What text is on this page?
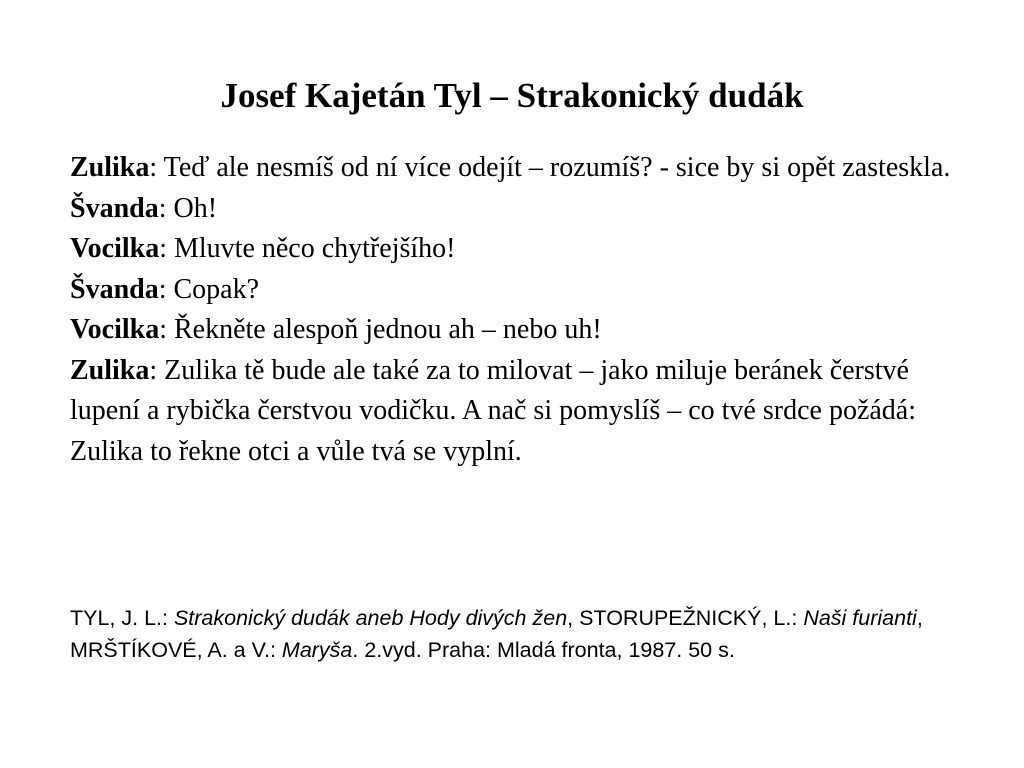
Josef Kajetán Tyl – Strakonický dudák

Zulika: Teď ale nesmíš od ní více odejít – rozumíš? - sice by si opět zasteskla.

Švanda: Oh!

Vocilka: Mluvte něco chytřejšího!

Švanda: Copak?

Vocilka: Řekněte alespoň jednou ah – nebo uh!

Zulika: Zulika tě bude ale také za to milovat – jako miluje beránek čerstvé lupení a rybička čerstvou vodičku. A nač si pomyslíš – co tvé srdce požádá: Zulika to řekne otci a vůle tvá se vyplní.

TYL, J. L.: Strakonický dudák aneb Hody divých žen, STORUPEŽNICKÝ, L.: Naši furianti, MRŠTÍKOVÉ, A. a V.: Maryša. 2.vyd. Praha: Mladá fronta, 1987. 50 s.
